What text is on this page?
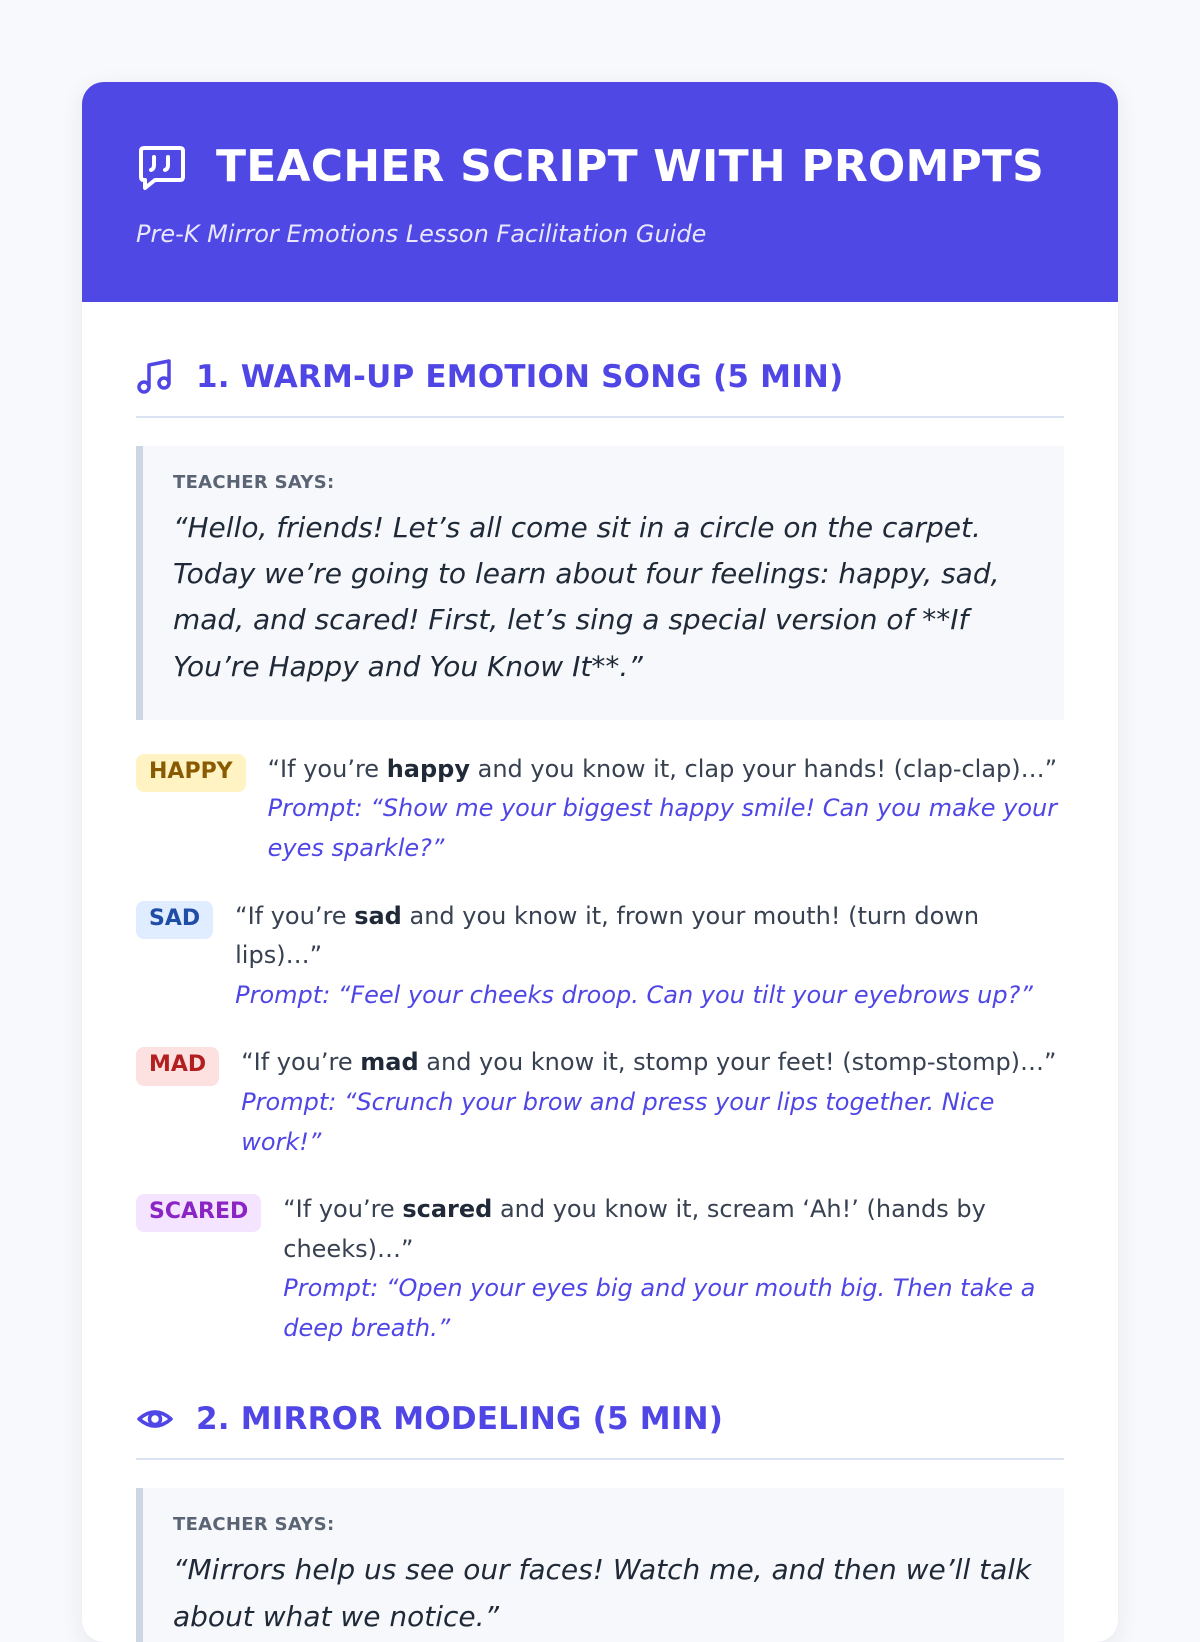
TEACHER SCRIPT WITH PROMPTS
Pre-K Mirror Emotions Lesson Facilitation Guide
1. WARM-UP EMOTION SONG (5 MIN)
TEACHER SAYS:
“Hello, friends! Let’s all come sit in a circle on the carpet. Today we’re going to learn about four feelings: happy, sad, mad, and scared! First, let’s sing a special version of **If You’re Happy and You Know It**.”
HAPPY	“If you’re happy and you know it, clap your hands! (clap-clap)…”
Prompt: “Show me your biggest happy smile! Can you make your eyes sparkle?”
SAD	“If you’re sad and you know it, frown your mouth! (turn down lips)…”
Prompt: “Feel your cheeks droop. Can you tilt your eyebrows up?”
MAD	“If you’re mad and you know it, stomp your feet! (stomp-stomp)…”
Prompt: “Scrunch your brow and press your lips together. Nice work!”
SCARED	“If you’re scared and you know it, scream ‘Ah!’ (hands by cheeks)…”
Prompt: “Open your eyes big and your mouth big. Then take a deep breath.”
2. MIRROR MODELING (5 MIN)
TEACHER SAYS:
“Mirrors help us see our faces! Watch me, and then we’ll talk about what we notice.”
